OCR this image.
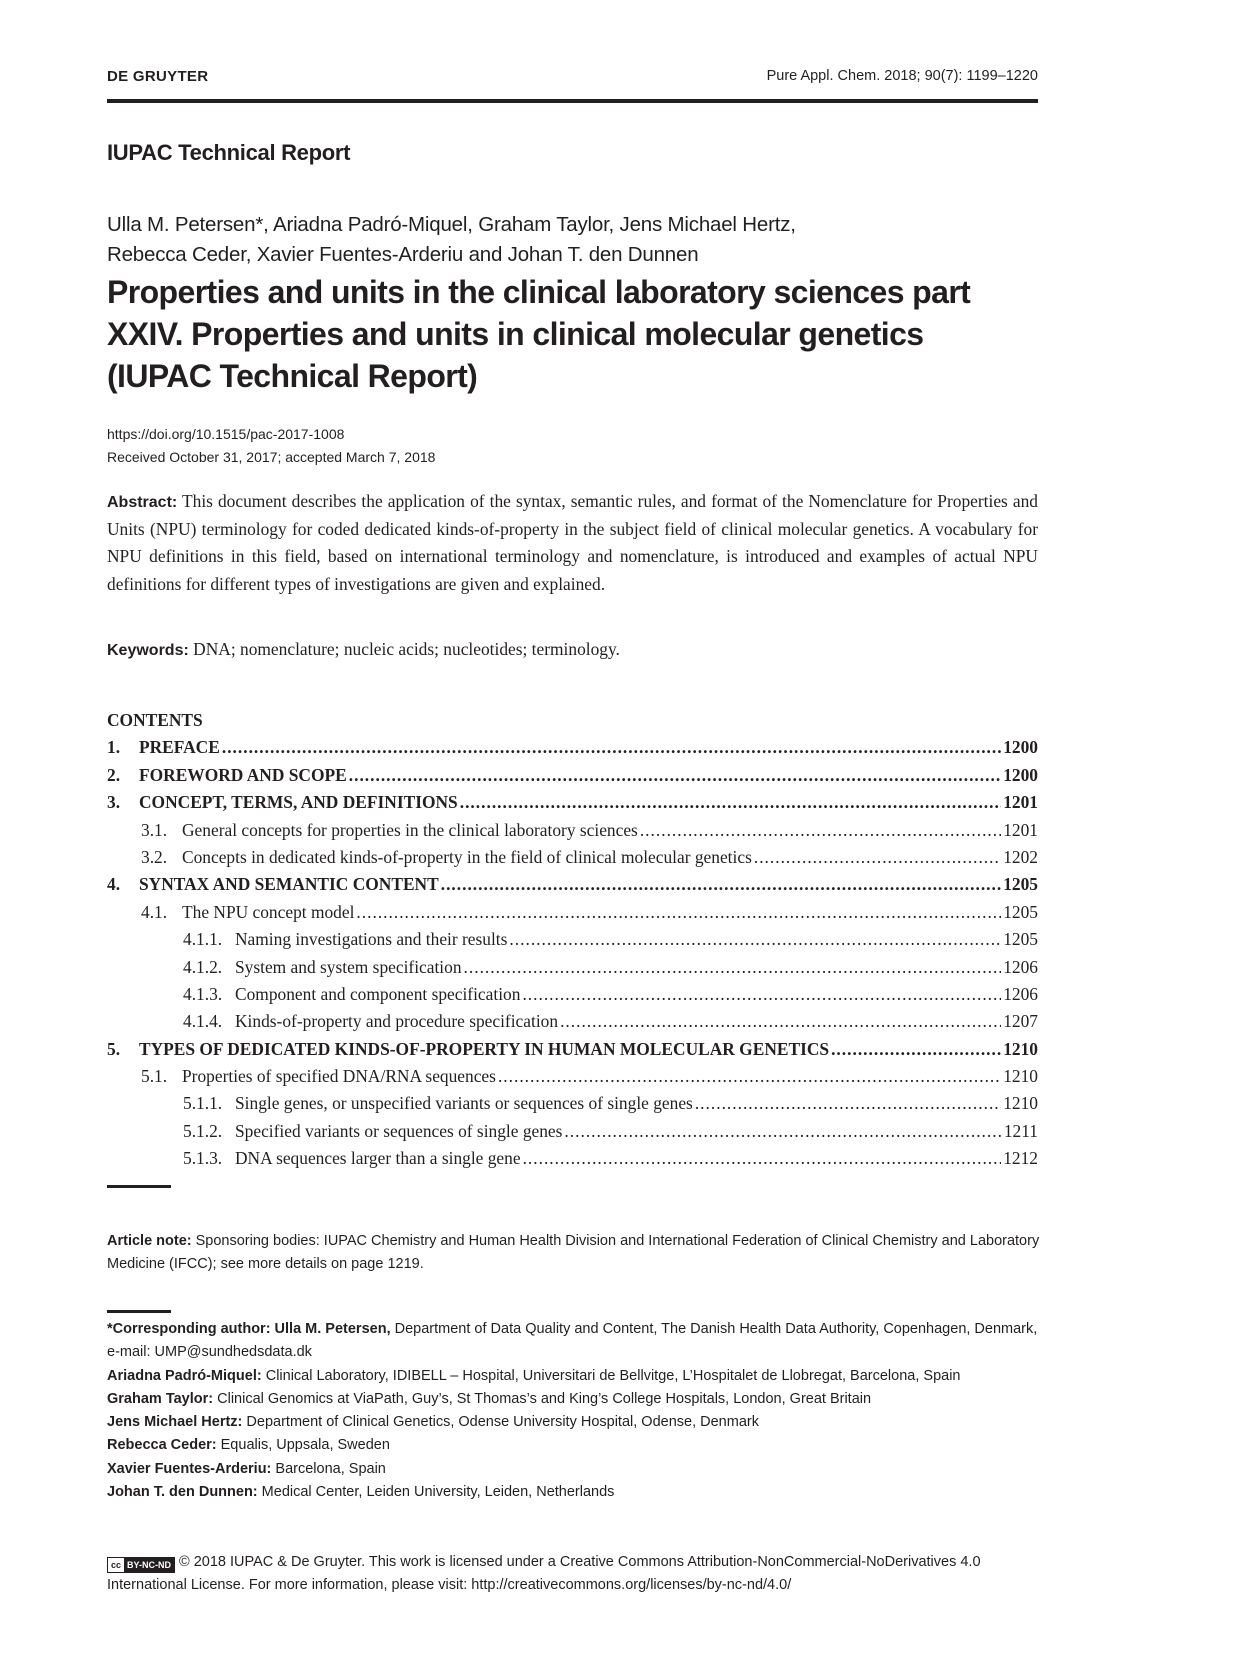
DE GRUYTER	Pure Appl. Chem. 2018; 90(7): 1199–1220
IUPAC Technical Report
Ulla M. Petersen*, Ariadna Padró-Miquel, Graham Taylor, Jens Michael Hertz,
Rebecca Ceder, Xavier Fuentes-Arderiu and Johan T. den Dunnen
Properties and units in the clinical laboratory sciences part
XXIV. Properties and units in clinical molecular genetics
(IUPAC Technical Report)
https://doi.org/10.1515/pac-2017-1008
Received October 31, 2017; accepted March 7, 2018
Abstract: This document describes the application of the syntax, semantic rules, and format of the Nomenclature for Properties and Units (NPU) terminology for coded dedicated kinds-of-property in the subject field of clinical molecular genetics. A vocabulary for NPU definitions in this field, based on international terminology and nomenclature, is introduced and examples of actual NPU definitions for different types of investigations are given and explained.
Keywords: DNA; nomenclature; nucleic acids; nucleotides; terminology.
CONTENTS
1.	PREFACE .....	1200
2.	FOREWORD AND SCOPE .....	1200
3.	CONCEPT, TERMS, AND DEFINITIONS .....	1201
3.1. General concepts for properties in the clinical laboratory sciences .....	1201
3.2. Concepts in dedicated kinds-of-property in the field of clinical molecular genetics .....	1202
4.	SYNTAX AND SEMANTIC CONTENT .....	1205
4.1. The NPU concept model .....	1205
4.1.1. Naming investigations and their results .....	1205
4.1.2. System and system specification .....	1206
4.1.3. Component and component specification .....	1206
4.1.4. Kinds-of-property and procedure specification .....	1207
5.	TYPES OF DEDICATED KINDS-OF-PROPERTY IN HUMAN MOLECULAR GENETICS .....	1210
5.1. Properties of specified DNA/RNA sequences .....	1210
5.1.1. Single genes, or unspecified variants or sequences of single genes .....	1210
5.1.2. Specified variants or sequences of single genes .....	1211
5.1.3. DNA sequences larger than a single gene .....	1212
Article note: Sponsoring bodies: IUPAC Chemistry and Human Health Division and International Federation of Clinical Chemistry and Laboratory Medicine (IFCC); see more details on page 1219.
*Corresponding author: Ulla M. Petersen, Department of Data Quality and Content, The Danish Health Data Authority, Copenhagen, Denmark, e-mail: UMP@sundhedsdata.dk
Ariadna Padró-Miquel: Clinical Laboratory, IDIBELL – Hospital, Universitari de Bellvitge, L’Hospitalet de Llobregat, Barcelona, Spain
Graham Taylor: Clinical Genomics at ViaPath, Guy’s, St Thomas’s and King’s College Hospitals, London, Great Britain
Jens Michael Hertz: Department of Clinical Genetics, Odense University Hospital, Odense, Denmark
Rebecca Ceder: Equalis, Uppsala, Sweden
Xavier Fuentes-Arderiu: Barcelona, Spain
Johan T. den Dunnen: Medical Center, Leiden University, Leiden, Netherlands
cc BY-NC-ND © 2018 IUPAC & De Gruyter. This work is licensed under a Creative Commons Attribution-NonCommercial-NoDerivatives 4.0 International License. For more information, please visit: http://creativecommons.org/licenses/by-nc-nd/4.0/
